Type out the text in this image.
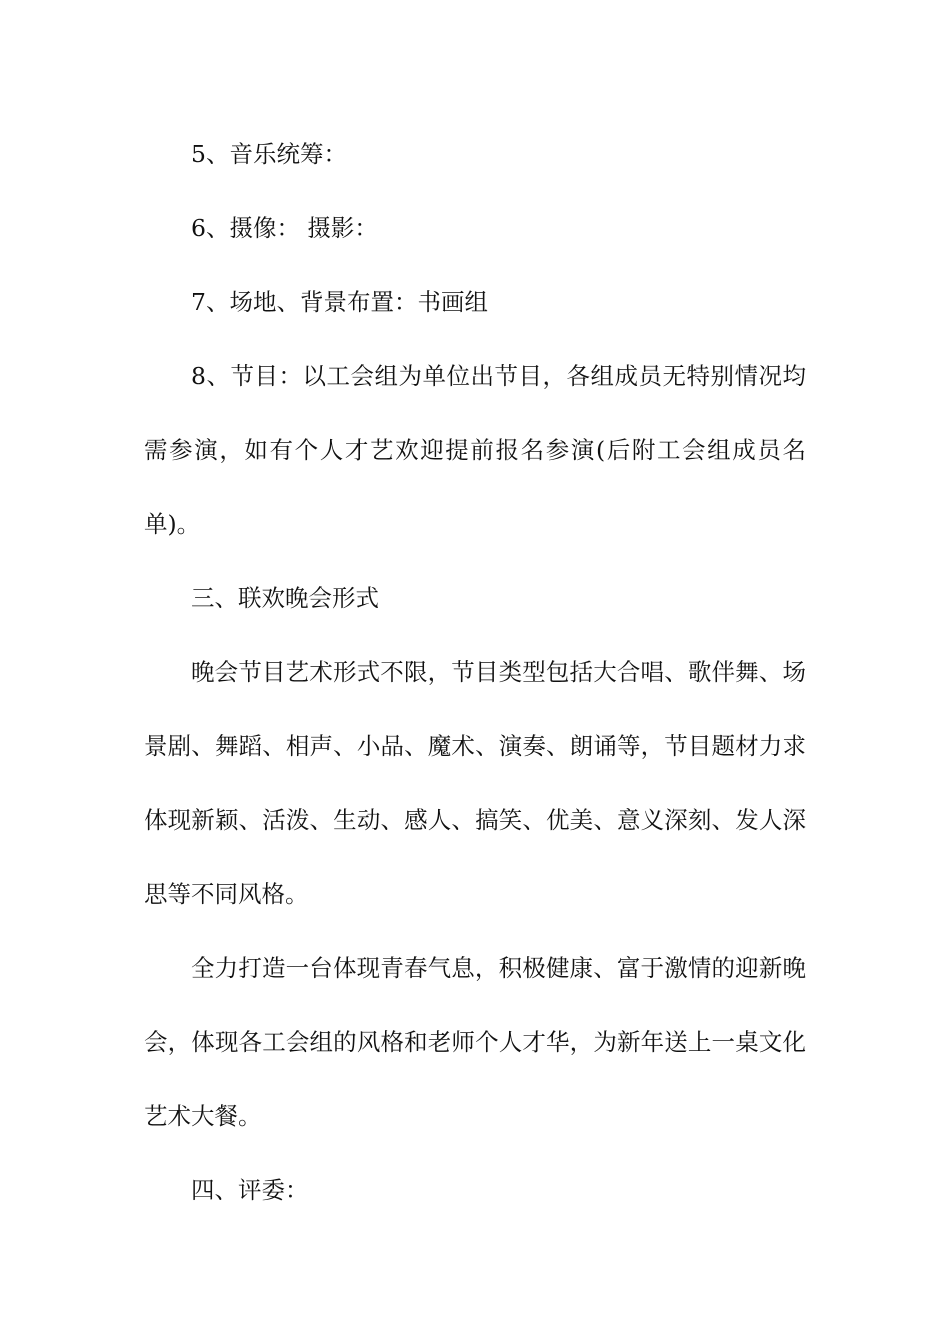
5、音乐统筹：

6、摄像： 摄影：

7、场地、背景布置：书画组

8、节目：以工会组为单位出节目，各组成员无特别情况均需参演，如有个人才艺欢迎提前报名参演(后附工会组成员名单)。

三、联欢晚会形式

晚会节目艺术形式不限，节目类型包括大合唱、歌伴舞、场景剧、舞蹈、相声、小品、魔术、演奏、朗诵等，节目题材力求体现新颖、活泼、生动、感人、搞笑、优美、意义深刻、发人深思等不同风格。

全力打造一台体现青春气息，积极健康、富于激情的迎新晚会，体现各工会组的风格和老师个人才华，为新年送上一桌文化艺术大餐。

四、评委：
